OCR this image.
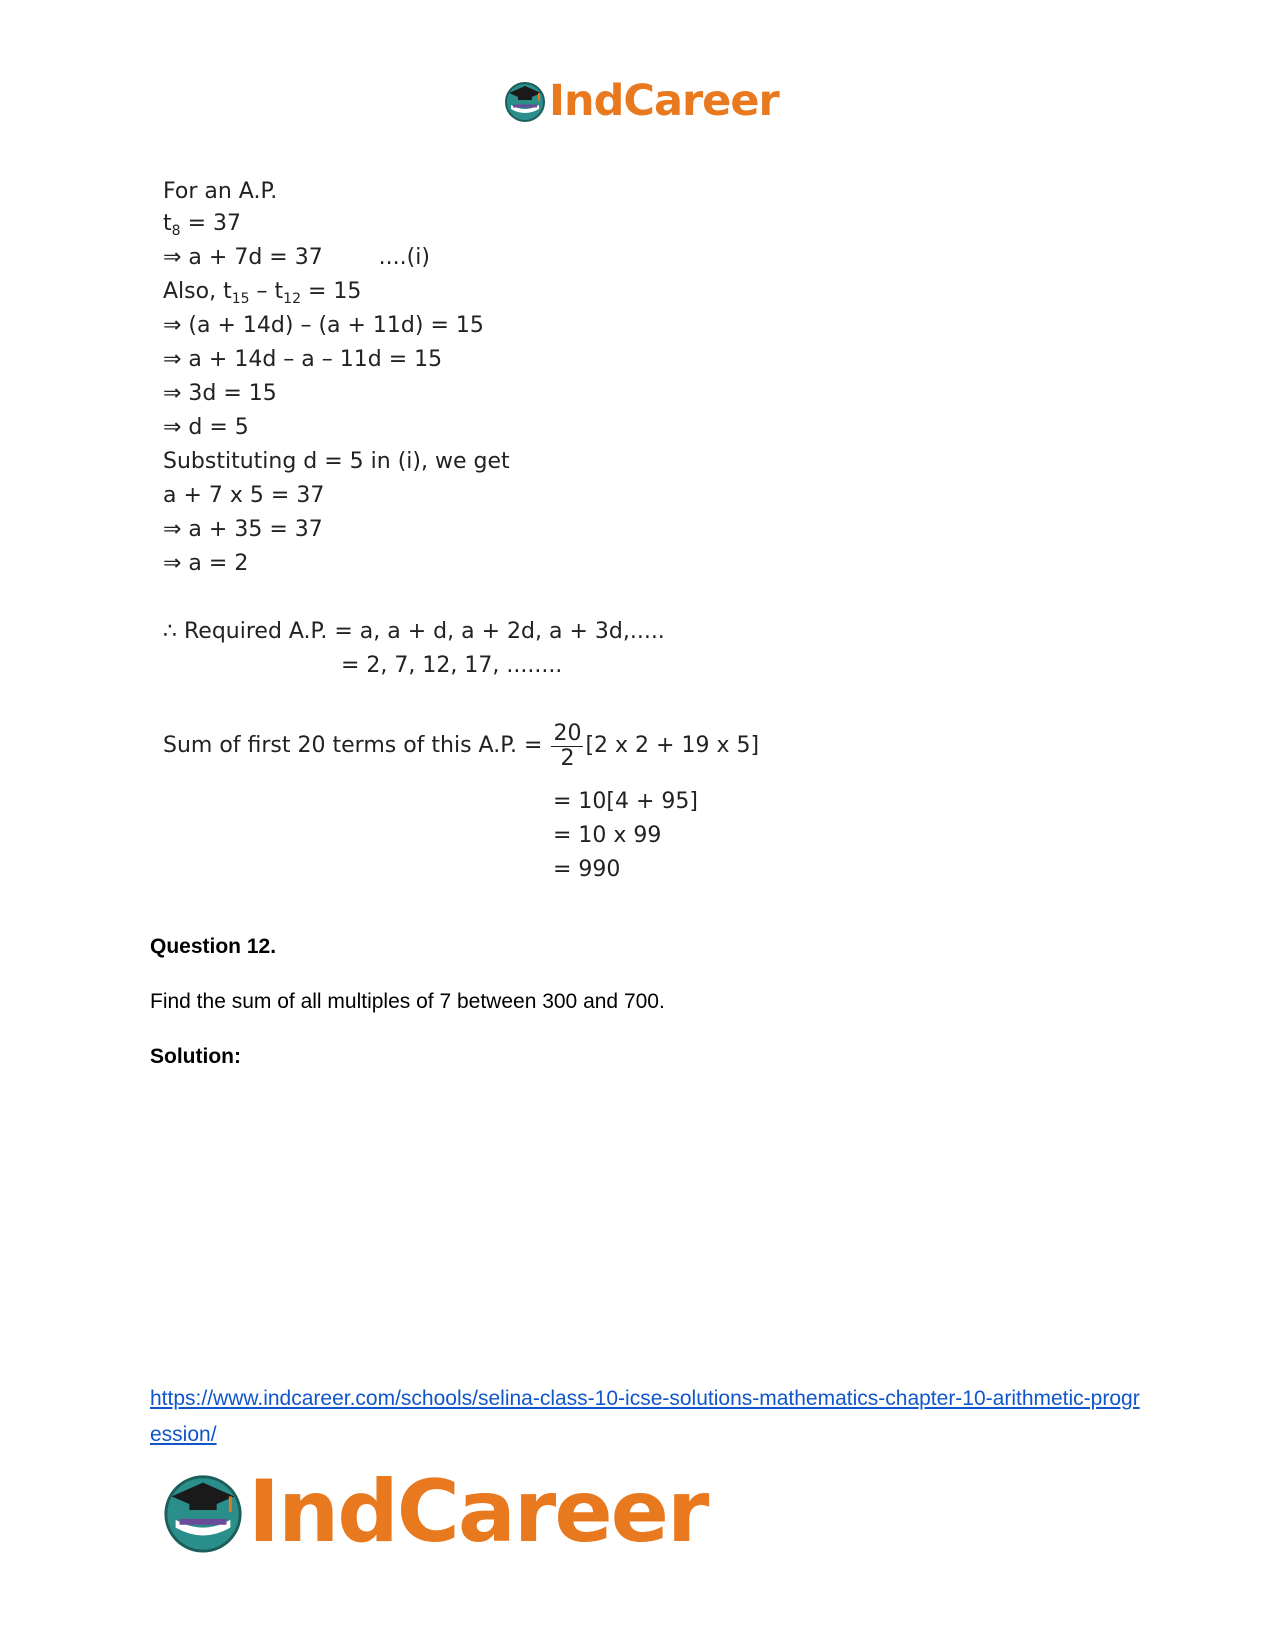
IndCareer
For an A.P.
$t_8 = 37$
⇒ a + 7d = 37        ....(i)
Also, $t_{15} - t_{12} = 15$
⇒ (a + 14d) – (a + 11d) = 15
⇒ a + 14d – a – 11d = 15
⇒ 3d = 15
⇒ d = 5
Substituting d = 5 in (i), we get
a + 7 x 5 = 37
⇒ a + 35 = 37
⇒ a = 2
∴ Required A.P. = a, a + d, a + 2d, a + 3d,.....
= 2, 7, 12, 17, ........
Sum of first 20 terms of this A.P. = $\frac{20}{2} [2$ x 2 + 19 x 5]
= 10[4 + 95]
= 10 x 99
= 990
Question 12.
Find the sum of all multiples of 7 between 300 and 700.
Solution:
https://www.indcareer.com/schools/selina-class-10-icse-solutions-mathematics-chapter-10-arithmetic-progression/
IndCareer
